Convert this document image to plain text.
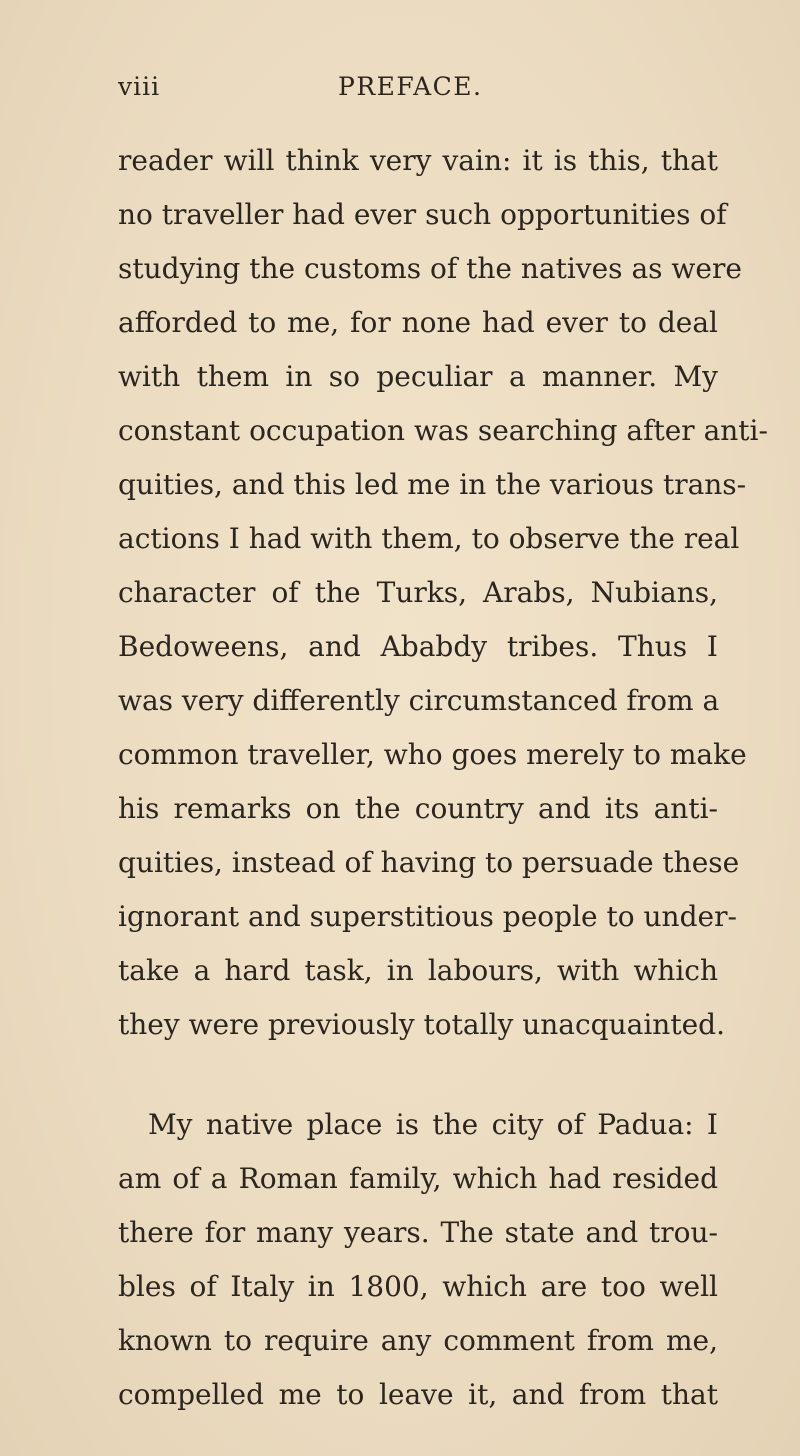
viii	PREFACE.
reader will think very vain: it is this, that
no traveller had ever such opportunities of
studying the customs of the natives as were
afforded to me, for none had ever to deal
with them in so peculiar a manner. My
constant occupation was searching after anti-
quities, and this led me in the various trans-
actions I had with them, to observe the real
character of the Turks, Arabs, Nubians,
Bedoweens, and Ababdy tribes. Thus I
was very differently circumstanced from a
common traveller, who goes merely to make
his remarks on the country and its anti-
quities, instead of having to persuade these
ignorant and superstitious people to under-
take a hard task, in labours, with which
they were previously totally unacquainted.
My native place is the city of Padua: I
am of a Roman family, which had resided
there for many years. The state and trou-
bles of Italy in 1800, which are too well
known to require any comment from me,
compelled me to leave it, and from that
